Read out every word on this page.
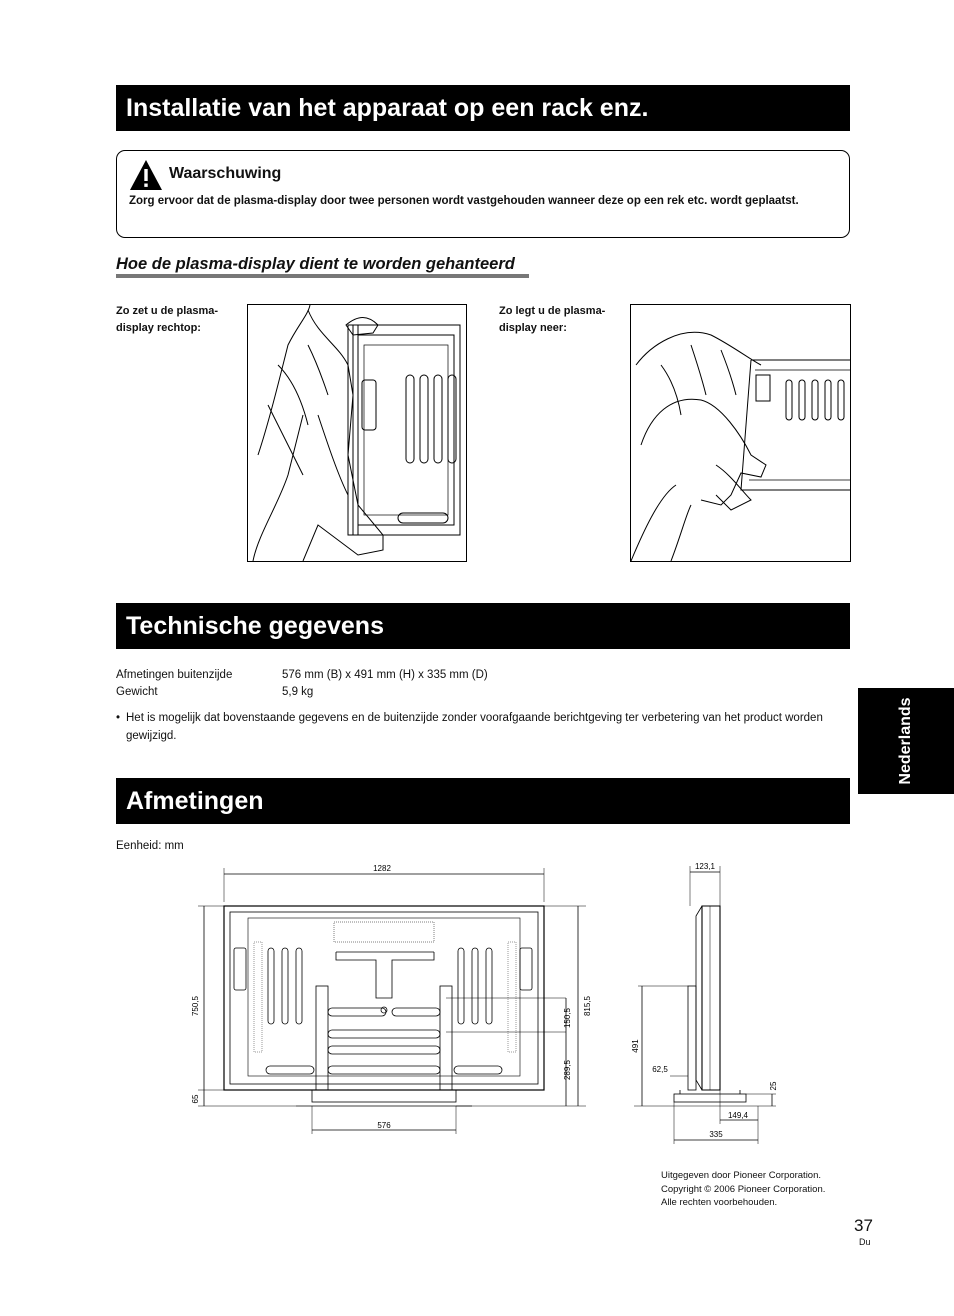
Installatie van het apparaat op een rack enz.
Waarschuwing
Zorg ervoor dat de plasma-display door twee personen wordt vastgehouden wanneer deze op een rek etc. wordt geplaatst.
Hoe de plasma-display dient te worden gehanteerd
Zo zet u de plasma-
display rechtop:
Zo legt u de plasma-
display neer:
Technische gegevens
Afmetingen buitenzijde	576 mm (B) x 491 mm (H) x 335 mm (D)
Gewicht	5,9 kg
• Het is mogelijk dat bovenstaande gegevens en de buitenzijde zonder voorafgaande berichtgeving ter verbetering van het product worden gewijzigd.
Afmetingen
Eenheid: mm
1282
750,5
65
576
150,5
289,5
815,5
123,1
491
62,5
25
149,4
335
Nederlands
Uitgegeven door Pioneer Corporation.
Copyright © 2006 Pioneer Corporation.
Alle rechten voorbehouden.
37
Du
